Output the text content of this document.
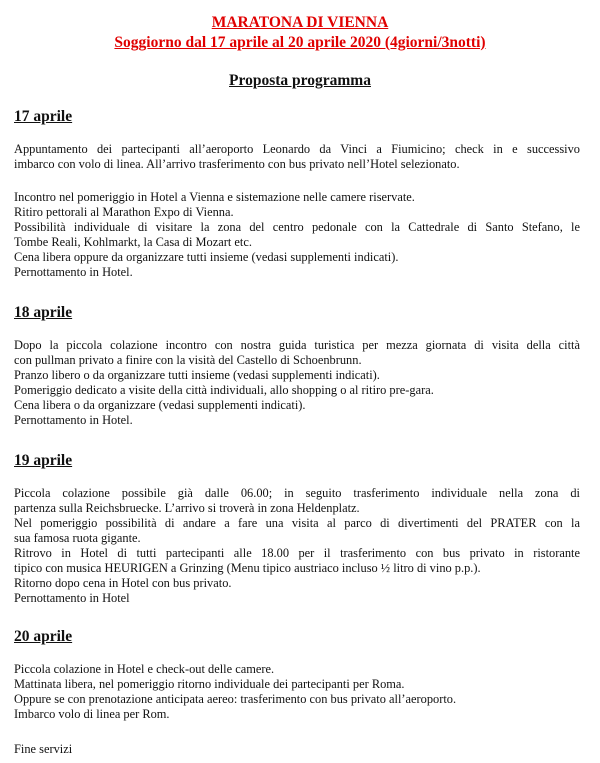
MARATONA DI VIENNA
Soggiorno dal 17 aprile al 20 aprile 2020 (4giorni/3notti)
Proposta programma
17 aprile
Appuntamento dei partecipanti all’aeroporto Leonardo da Vinci a Fiumicino; check in e successivo
imbarco con volo di linea. All’arrivo trasferimento con bus privato nell’Hotel selezionato.
Incontro nel pomeriggio in Hotel a Vienna e sistemazione nelle camere riservate.
Ritiro pettorali al Marathon Expo di Vienna.
Possibilità individuale di visitare la zona del centro pedonale con la Cattedrale di Santo Stefano, le
Tombe Reali, Kohlmarkt, la Casa di Mozart etc.
Cena libera oppure da organizzare tutti insieme (vedasi supplementi indicati).
Pernottamento in Hotel.
18 aprile
Dopo la piccola colazione incontro con nostra guida turistica per mezza giornata di visita della città
con pullman privato a finire con la visità del Castello di Schoenbrunn.
Pranzo libero o da organizzare tutti insieme (vedasi supplementi indicati).
Pomeriggio dedicato a visite della città individuali, allo shopping o al ritiro pre-gara.
Cena libera o da organizzare (vedasi supplementi indicati).
Pernottamento in Hotel.
19 aprile
Piccola colazione possibile già dalle 06.00; in seguito trasferimento individuale nella zona di
partenza sulla Reichsbruecke. L’arrivo si troverà in zona Heldenplatz.
Nel pomeriggio possibilità di andare a fare una visita al parco di divertimenti del PRATER con la
sua famosa ruota gigante.
Ritrovo in Hotel di tutti partecipanti alle 18.00 per il trasferimento con bus privato in ristorante
tipico con musica HEURIGEN a Grinzing (Menu tipico austriaco incluso ½ litro di vino p.p.).
Ritorno dopo cena in Hotel con bus privato.
Pernottamento in Hotel
20 aprile
Piccola colazione in Hotel e check-out delle camere.
Mattinata libera, nel pomeriggio ritorno individuale dei partecipanti per Roma.
Oppure se con prenotazione anticipata aereo: trasferimento con bus privato all’aeroporto.
Imbarco volo di linea per Rom.
Fine servizi
